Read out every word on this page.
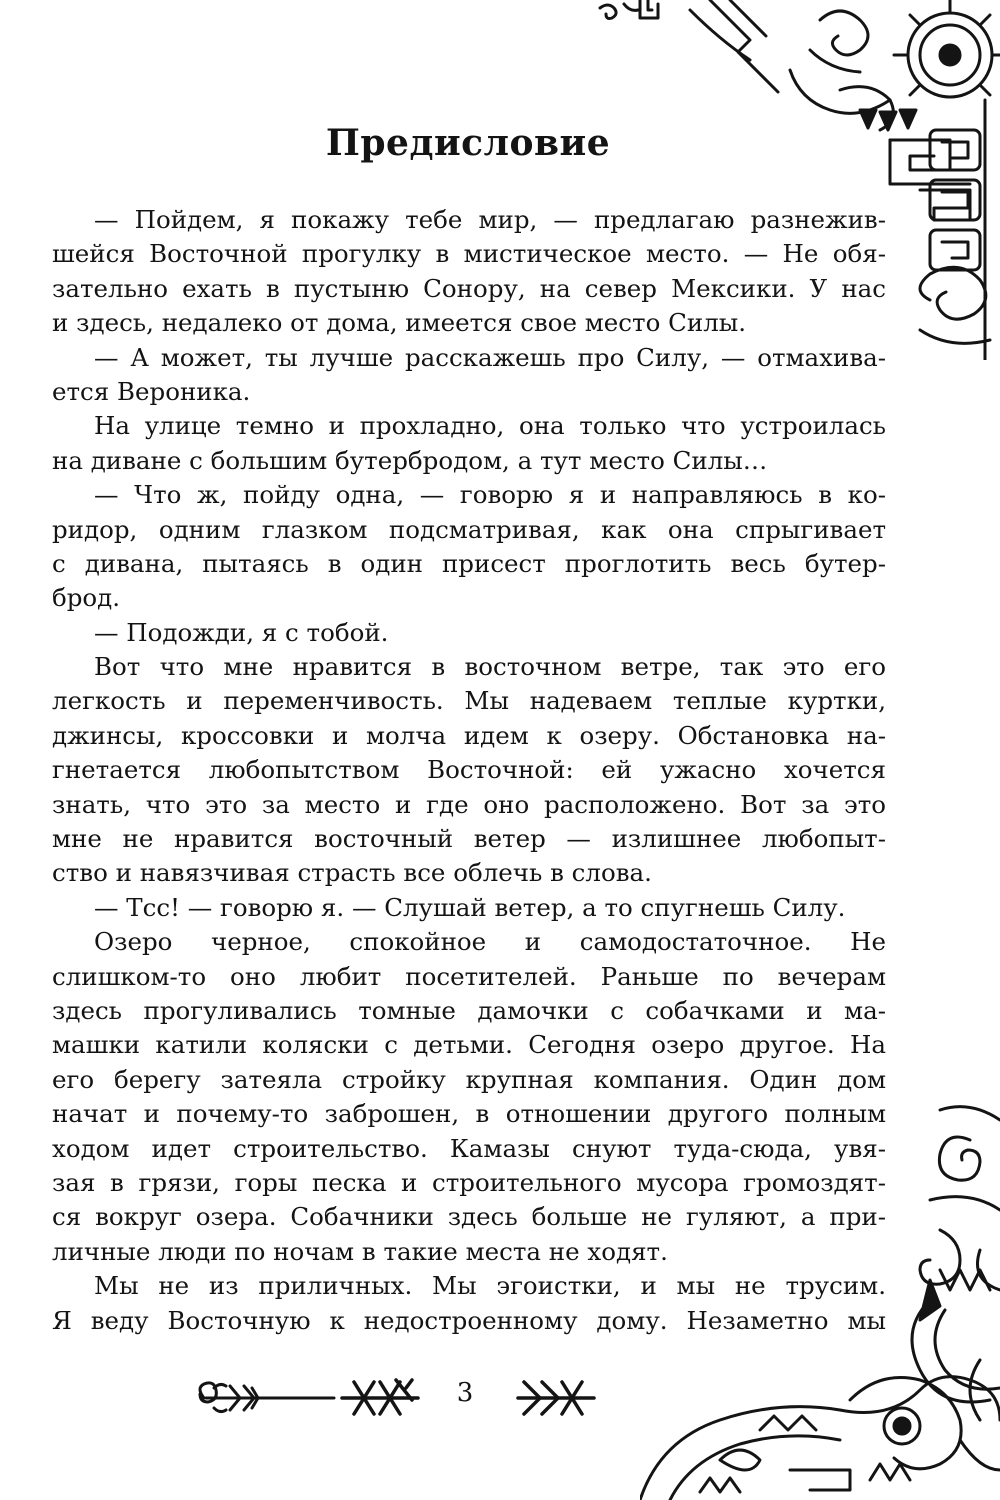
Предисловие
— Пойдем, я покажу тебе мир, — предлагаю разнежив-
шейся Восточной прогулку в мистическое место. — Не обя-
зательно ехать в пустыню Сонору, на север Мексики. У нас
и здесь, недалеко от дома, имеется свое место Силы.
— А может, ты лучше расскажешь про Силу, — отмахива-
ется Вероника.
На улице темно и прохладно, она только что устроилась
на диване с большим бутербродом, а тут место Силы…
— Что ж, пойду одна, — говорю я и направляюсь в ко-
ридор, одним глазком подсматривая, как она спрыгивает
с дивана, пытаясь в один присест проглотить весь бутер-
брод.
— Подожди, я с тобой.
Вот что мне нравится в восточном ветре, так это его
легкость и переменчивость. Мы надеваем теплые куртки,
джинсы, кроссовки и молча идем к озеру. Обстановка на-
гнетается любопытством Восточной: ей ужасно хочется
знать, что это за место и где оно расположено. Вот за это
мне не нравится восточный ветер — излишнее любопыт-
ство и навязчивая страсть все облечь в слова.
— Тсс! — говорю я. — Слушай ветер, а то спугнешь Силу.
Озеро черное, спокойное и самодостаточное. Не
слишком-то оно любит посетителей. Раньше по вечерам
здесь прогуливались томные дамочки с собачками и ма-
машки катили коляски с детьми. Сегодня озеро другое. На
его берегу затеяла стройку крупная компания. Один дом
начат и почему-то заброшен, в отношении другого полным
ходом идет строительство. Камазы снуют туда-сюда, увя-
зая в грязи, горы песка и строительного мусора громоздят-
ся вокруг озера. Собачники здесь больше не гуляют, а при-
личные люди по ночам в такие места не ходят.
Мы не из приличных. Мы эгоистки, и мы не трусим.
Я веду Восточную к недостроенному дому. Незаметно мы
3
